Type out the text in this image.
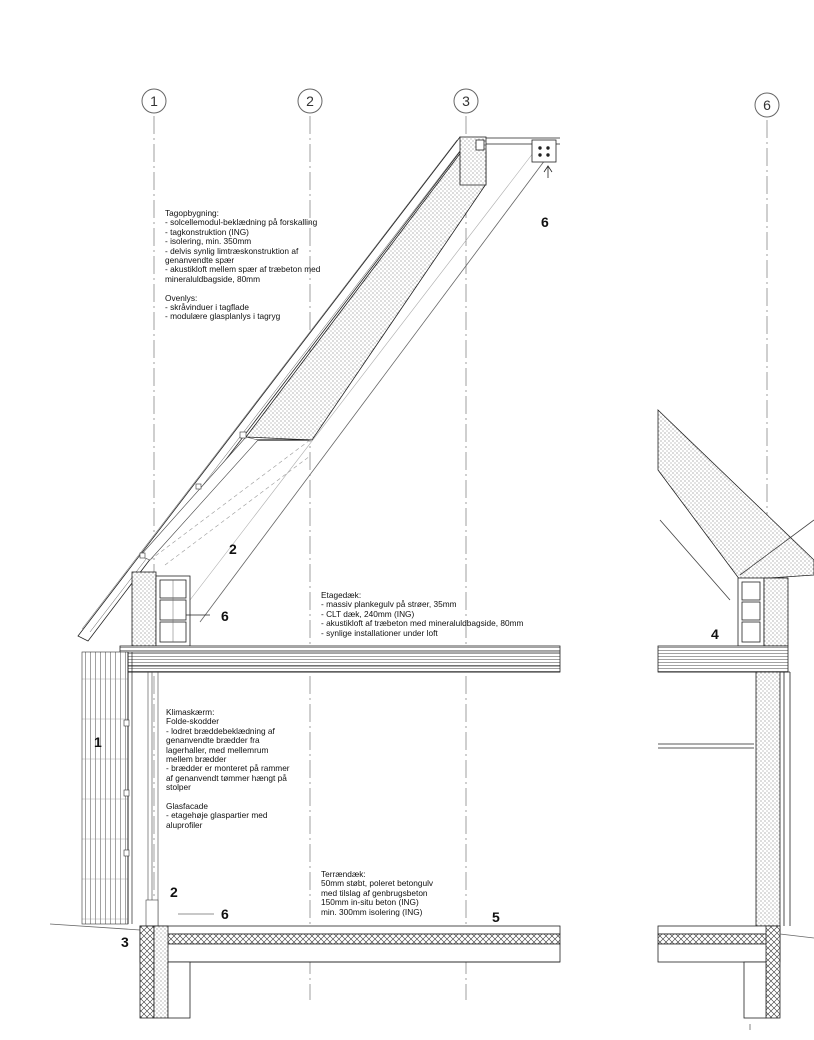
1	2	3	6
Tagopbygning:
- solcellemodul-beklædning på forskalling
- tagkonstruktion (ING)
- isolering, min. 350mm
- delvis synlig limtræskonstruktion af
genanvendte spær
- akustikloft mellem spær af træbeton med
mineraluldbagside, 80mm
Ovenlys:
- skråvinduer i tagflade
- modulære glasplanlys i tagryg
Etagedæk:
- massiv plankegulv på strøer, 35mm
- CLT dæk, 240mm (ING)
- akustikloft af træbeton med mineraluldbagside, 80mm
- synlige installationer under loft
Klimaskærm:
Folde-skodder
- lodret bræddebeklædning af
genanvendte brædder fra
lagerhaller, med mellemrum
mellem brædder
- brædder er monteret på rammer
af genanvendt tømmer hængt på
stolper
Glasfacade
- etagehøje glaspartier med
aluprofiler
Terrændæk:
50mm støbt, poleret betongulv
med tilslag af genbrugsbeton
150mm in-situ beton (ING)
min. 300mm isolering (ING)
6
2
6
1
2
6
3
5
4
